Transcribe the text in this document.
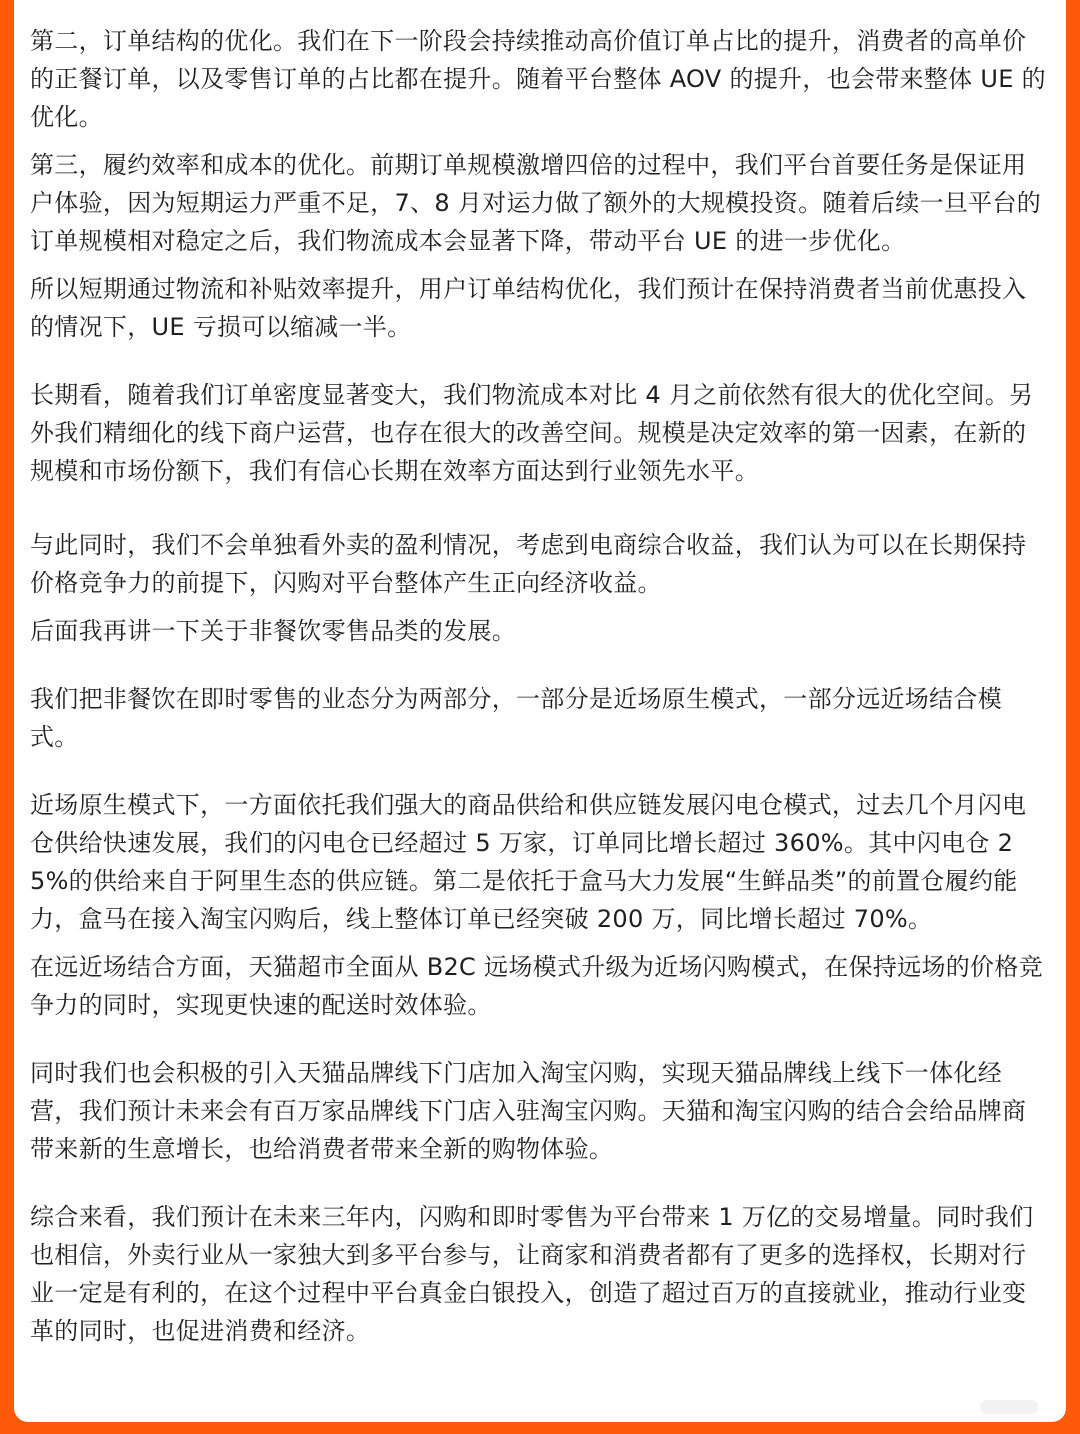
第二，订单结构的优化。我们在下一阶段会持续推动高价值订单占比的提升，消费者的高单价的正餐订单，以及零售订单的占比都在提升。随着平台整体 AOV 的提升，也会带来整体 UE 的优化。

第三，履约效率和成本的优化。前期订单规模激增四倍的过程中，我们平台首要任务是保证用户体验，因为短期运力严重不足，7、8 月对运力做了额外的大规模投资。随着后续一旦平台的订单规模相对稳定之后，我们物流成本会显著下降，带动平台 UE 的进一步优化。

所以短期通过物流和补贴效率提升，用户订单结构优化，我们预计在保持消费者当前优惠投入的情况下，UE 亏损可以缩减一半。

长期看，随着我们订单密度显著变大，我们物流成本对比 4 月之前依然有很大的优化空间。另外我们精细化的线下商户运营，也存在很大的改善空间。规模是决定效率的第一因素，在新的规模和市场份额下，我们有信心长期在效率方面达到行业领先水平。

与此同时，我们不会单独看外卖的盈利情况，考虑到电商综合收益，我们认为可以在长期保持价格竞争力的前提下，闪购对平台整体产生正向经济收益。

后面我再讲一下关于非餐饮零售品类的发展。

我们把非餐饮在即时零售的业态分为两部分，一部分是近场原生模式，一部分远近场结合模式。

近场原生模式下，一方面依托我们强大的商品供给和供应链发展闪电仓模式，过去几个月闪电仓供给快速发展，我们的闪电仓已经超过 5 万家，订单同比增长超过 360%。其中闪电仓 25%的供给来自于阿里生态的供应链。第二是依托于盒马大力发展“生鲜品类”的前置仓履约能力，盒马在接入淘宝闪购后，线上整体订单已经突破 200 万，同比增长超过 70%。

在远近场结合方面，天猫超市全面从 B2C 远场模式升级为近场闪购模式，在保持远场的价格竞争力的同时，实现更快速的配送时效体验。

同时我们也会积极的引入天猫品牌线下门店加入淘宝闪购，实现天猫品牌线上线下一体化经营，我们预计未来会有百万家品牌线下门店入驻淘宝闪购。天猫和淘宝闪购的结合会给品牌商带来新的生意增长，也给消费者带来全新的购物体验。

综合来看，我们预计在未来三年内，闪购和即时零售为平台带来 1 万亿的交易增量。同时我们也相信，外卖行业从一家独大到多平台参与，让商家和消费者都有了更多的选择权，长期对行业一定是有利的，在这个过程中平台真金白银投入，创造了超过百万的直接就业，推动行业变革的同时，也促进消费和经济。
